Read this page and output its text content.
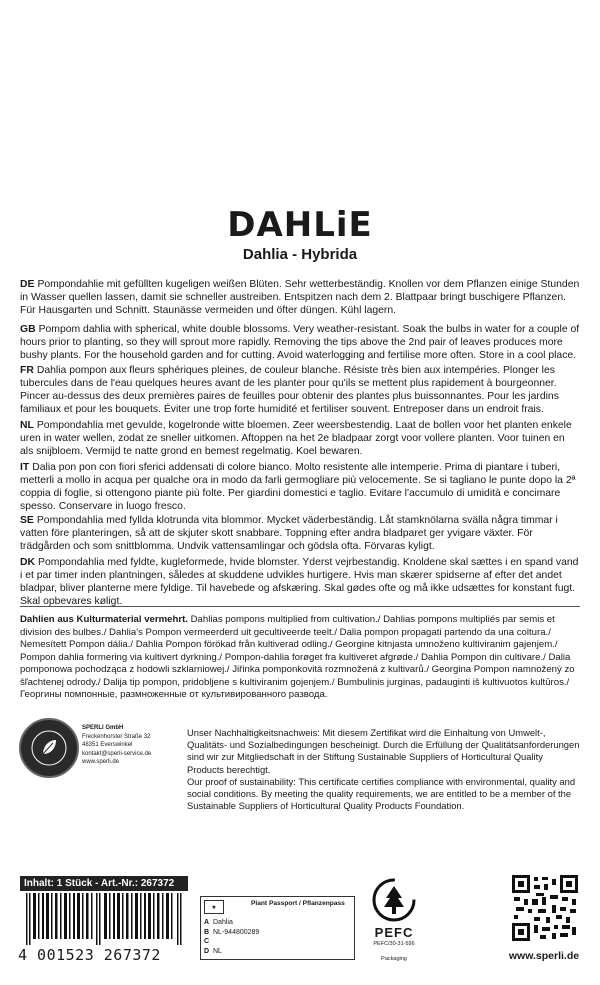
DAHLiE
Dahlia - Hybrida
DE Pompondahlie mit gefüllten kugeligen weißen Blüten. Sehr wetterbeständig. Knollen vor dem Pflanzen einige Stunden in Wasser quellen lassen, damit sie schneller austreiben. Entspitzen nach dem 2. Blattpaar bringt buschigere Pflanzen. Für Hausgarten und Schnitt. Staunässe vermeiden und öfter düngen. Kühl lagern.
GB Pompom dahlia with spherical, white double blossoms. Very weather-resistant. Soak the bulbs in water for a couple of hours prior to planting, so they will sprout more rapidly. Removing the tips above the 2nd pair of leaves produces more bushy plants. For the household garden and for cutting. Avoid waterlogging and fertilise more often. Store in a cool place.
FR Dahlia pompon aux fleurs sphériques pleines, de couleur blanche. Résiste très bien aux intempéries. Plonger les tubercules dans de l'eau quelques heures avant de les planter pour qu'ils se mettent plus rapidement à bourgeonner. Pincer au-dessus des deux premières paires de feuilles pour obtenir des plantes plus buissonnantes. Pour les jardins familiaux et pour les bouquets. Éviter une trop forte humidité et fertiliser souvent. Entreposer dans un endroit frais.
NL Pompondahlia met gevulde, kogelronde witte bloemen. Zeer weersbestendig. Laat de bollen voor het planten enkele uren in water wellen, zodat ze sneller uitkomen. Aftoppen na het 2e bladpaar zorgt voor vollere planten. Voor tuinen en als snijbloem. Vermijd te natte grond en bemest regelmatig. Koel bewaren.
IT Dalia pon pon con fiori sferici addensati di colore bianco. Molto resistente alle intemperie. Prima di piantare i tuberi, metterli a mollo in acqua per qualche ora in modo da farli germogliare più velocemente. Se si tagliano le punte dopo la 2ª coppia di foglie, si ottengono piante più folte. Per giardini domestici e taglio. Evitare l'accumulo di umidità e concimare spesso. Conservare in luogo fresco.
SE Pompondahlia med fyllda klotrunda vita blommor. Mycket väderbeständig. Låt stamknölarna svälla några timmar i vatten före planteringen, så att de skjuter skott snabbare. Toppning efter andra bladparet ger yvigare växter. För trädgården och som snittblomma. Undvik vattensamlingar och gödsla ofta. Förvaras kyligt.
DK Pompondahlia med fyldte, kugleformede, hvide blomster. Yderst vejrbestandig. Knoldene skal sættes i en spand vand i et par timer inden plantningen, således at skuddene udvikles hurtigere. Hvis man skærer spidserne af efter det andet bladpar, bliver planterne mere fyldige. Til havebede og afskæring. Skal gødes ofte og må ikke udsættes for konstant fugt. Skal opbevares køligt.
Dahlien aus Kulturmaterial vermehrt. Dahlias pompons multiplied from cultivation./ Dahlias pompons multipliés par semis et division des bulbes./ Dahlia's Pompon vermeerderd uit gecultiveerde teelt./ Dalia pompon propagati partendo da una coltura./ Nemesített Pompon dália./ Dahlia Pompon förökad från kultiverad odling./ Georgine kitnjasta umnoženo kultiviranim gajenjem./ Pompon dahlia formering via kultivert dyrkning./ Pompon-dahlia forøget fra kultiveret afgrøde./ Dahlia Pompon din cultivare./ Dalia pomponowa pochodząca z hodowli szklarniowej./ Jiřinka pomponkovitá rozmnožená z kultivarů./ Georgina Pompon namnožený zo šľachtenej odrody./ Dalija tip pompon, pridobljene s kultiviranim gojenjem./ Bumbulinis jurginas, padauginti iš kultivuotos kultūros./ Георгины помпонные, размноженные от культивированного развода.
SPERLI GmbH
Freckenhorster Straße 32
48351 Everswinkel
kontakt@sperli-service.de
www.sperli.de
Unser Nachhaltigkeitsnachweis: Mit diesem Zertifikat wird die Einhaltung von Umwelt-, Qualitäts- und Sozialbedingungen bescheinigt. Durch die Erfüllung der Qualitätsanforderungen sind wir zur Mitgliedschaft in der Stiftung Sustainable Suppliers of Horticultural Quality Products berechtigt.
Our proof of sustainability: This certificate certifies compliance with environmental, quality and social conditions. By meeting the quality requirements, we are entitled to be a member of the Sustainable Suppliers of Horticultural Quality Products Foundation.
Inhalt: 1 Stück - Art.-Nr.: 267372
4 001523 267372
★
Plant Passport / Pflanzenpass
A Dahlia
B NL-944800289
C
D NL
PEFC
PEFC/30-31-596
Packaging	www.sperli.de
